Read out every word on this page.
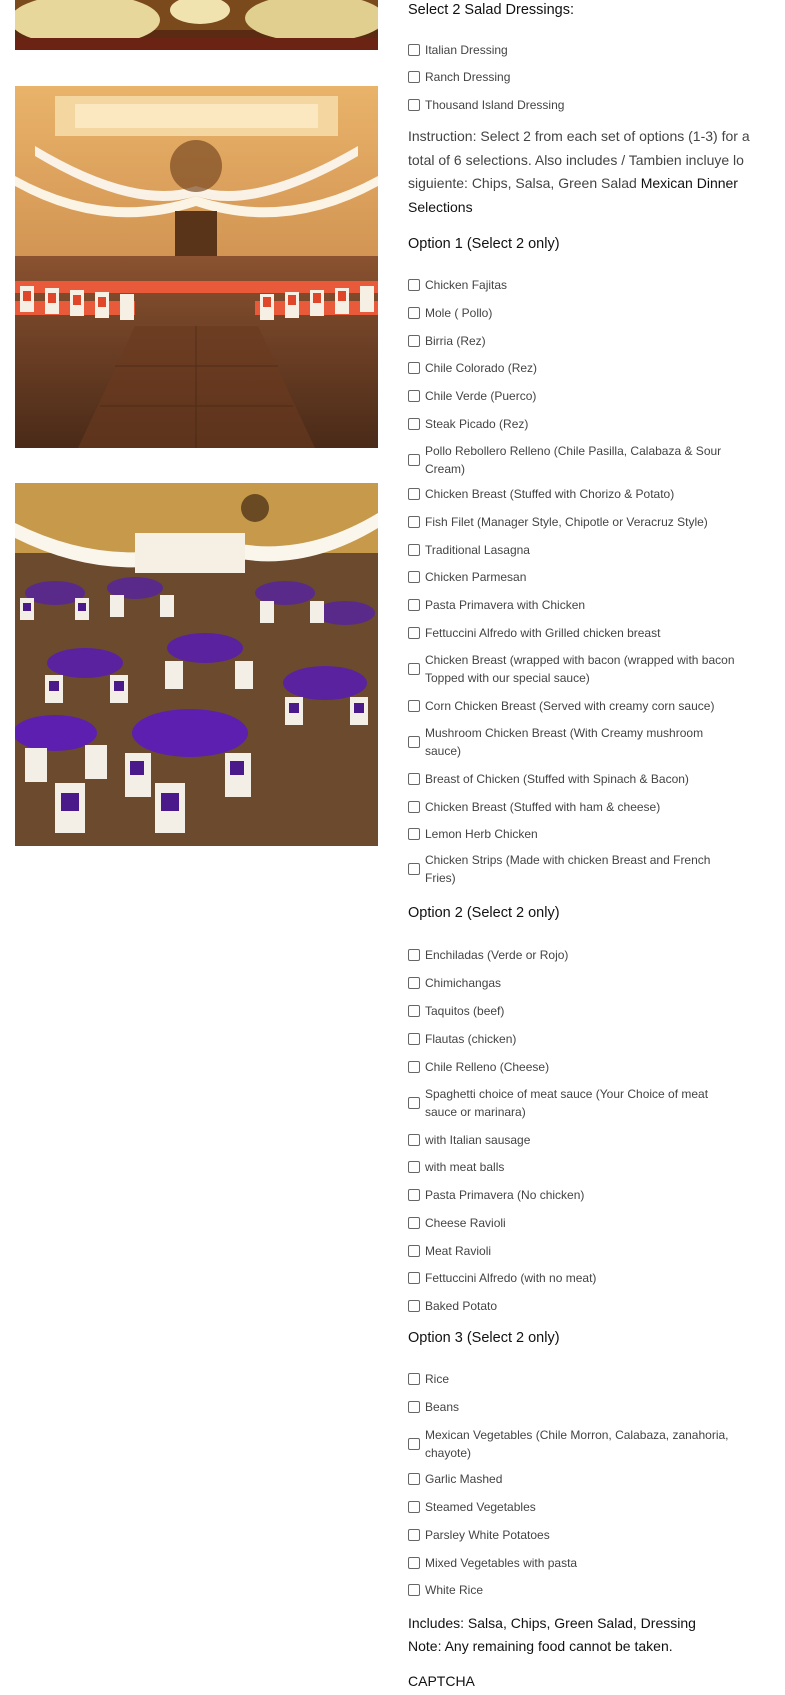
Select 2 Salad Dressings:
Italian Dressing
Ranch Dressing
Thousand Island Dressing
Instruction: Select 2 from each set of options (1-3) for a total of 6 selections. Also includes / Tambien incluye lo siguiente: Chips, Salsa, Green Salad Mexican Dinner Selections
Option 1 (Select 2 only)
Chicken Fajitas
Mole ( Pollo)
Birria (Rez)
Chile Colorado (Rez)
Chile Verde (Puerco)
Steak Picado (Rez)
Pollo Rebollero Relleno (Chile Pasilla, Calabaza & Sour Cream)
Chicken Breast (Stuffed with Chorizo & Potato)
Fish Filet (Manager Style, Chipotle or Veracruz Style)
Traditional Lasagna
Chicken Parmesan
Pasta Primavera with Chicken
Fettuccini Alfredo with Grilled chicken breast
Chicken Breast (wrapped with bacon (wrapped with bacon Topped with our special sauce)
Corn Chicken Breast (Served with creamy corn sauce)
Mushroom Chicken Breast (With Creamy mushroom sauce)
Breast of Chicken (Stuffed with Spinach & Bacon)
Chicken Breast (Stuffed with ham & cheese)
Lemon Herb Chicken
Chicken Strips (Made with chicken Breast and French Fries)
Option 2 (Select 2 only)
Enchiladas (Verde or Rojo)
Chimichangas
Taquitos (beef)
Flautas (chicken)
Chile Relleno (Cheese)
Spaghetti choice of meat sauce (Your Choice of meat sauce or marinara)
with Italian sausage
with meat balls
Pasta Primavera (No chicken)
Cheese Ravioli
Meat Ravioli
Fettuccini Alfredo (with no meat)
Baked Potato
Option 3 (Select 2 only)
Rice
Beans
Mexican Vegetables (Chile Morron, Calabaza, zanahoria, chayote)
Garlic Mashed
Steamed Vegetables
Parsley White Potatoes
Mixed Vegetables with pasta
White Rice
Includes: Salsa, Chips, Green Salad, Dressing
Note: Any remaining food cannot be taken.
CAPTCHA
